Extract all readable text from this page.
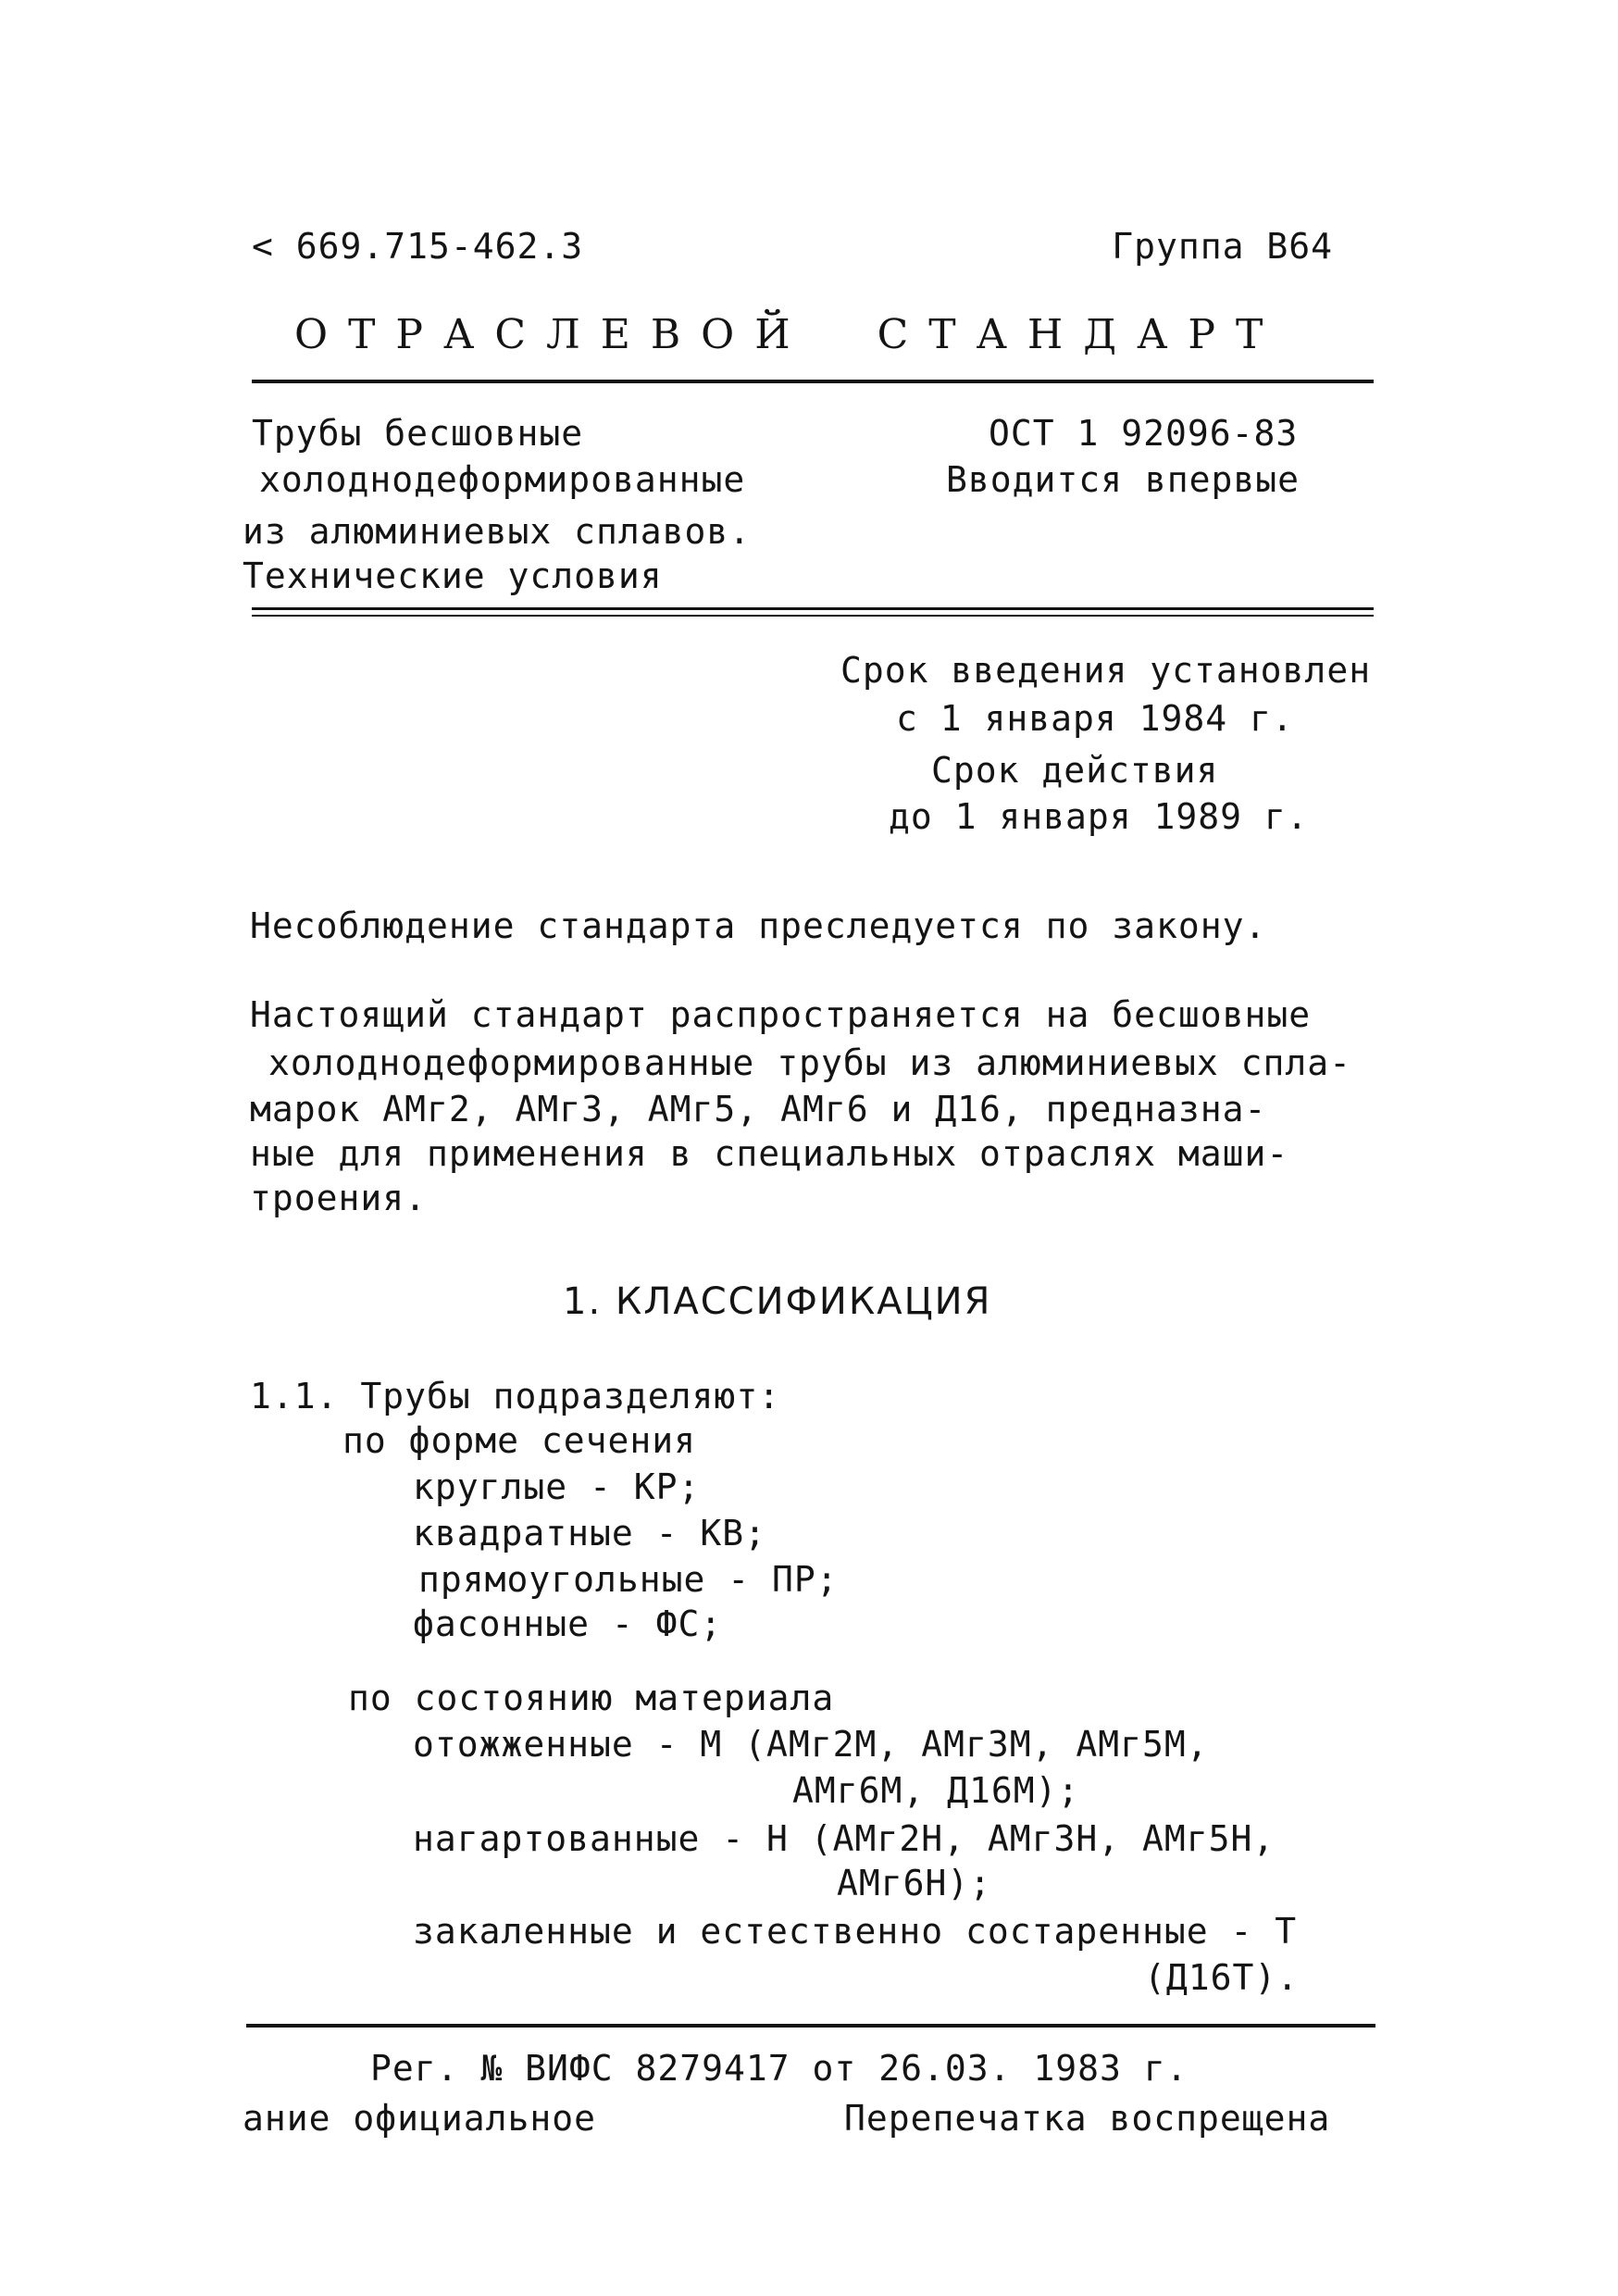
< 669.715-462.3	Группа В64
ОТРАСЛЕВОЙ  СТАНДАРТ
Трубы бесшовные
холоднодеформированные
из алюминиевых сплавов.
Технические условия
ОСТ 1 92096-83
Вводится впервые
Срок введения установлен
с 1 января 1984 г.
Срок действия
до 1 января 1989 г.
Несоблюдение стандарта преследуется по закону.
Настоящий стандарт распространяется на бесшовные
холоднодеформированные трубы из алюминиевых спла-
марок АМг2, АМг3, АМг5, АМг6 и Д16, предназна-
ные для применения в специальных отраслях маши-
троения.
1. КЛАССИФИКАЦИЯ
1.1. Трубы подразделяют:
по форме сечения
круглые - КР;
квадратные - КВ;
прямоугольные - ПР;
фасонные - ФС;
по состоянию материала
отожженные - М (АМг2М, АМг3М, АМг5М,
АМг6М, Д16М);
нагартованные - Н (АМг2Н, АМг3Н, АМг5Н,
АМг6Н);
закаленные и естественно состаренные - Т
(Д16Т).
Рег. № ВИФС 8279417 от 26.03. 1983 г.
ание официальное	Перепечатка воспрещена
